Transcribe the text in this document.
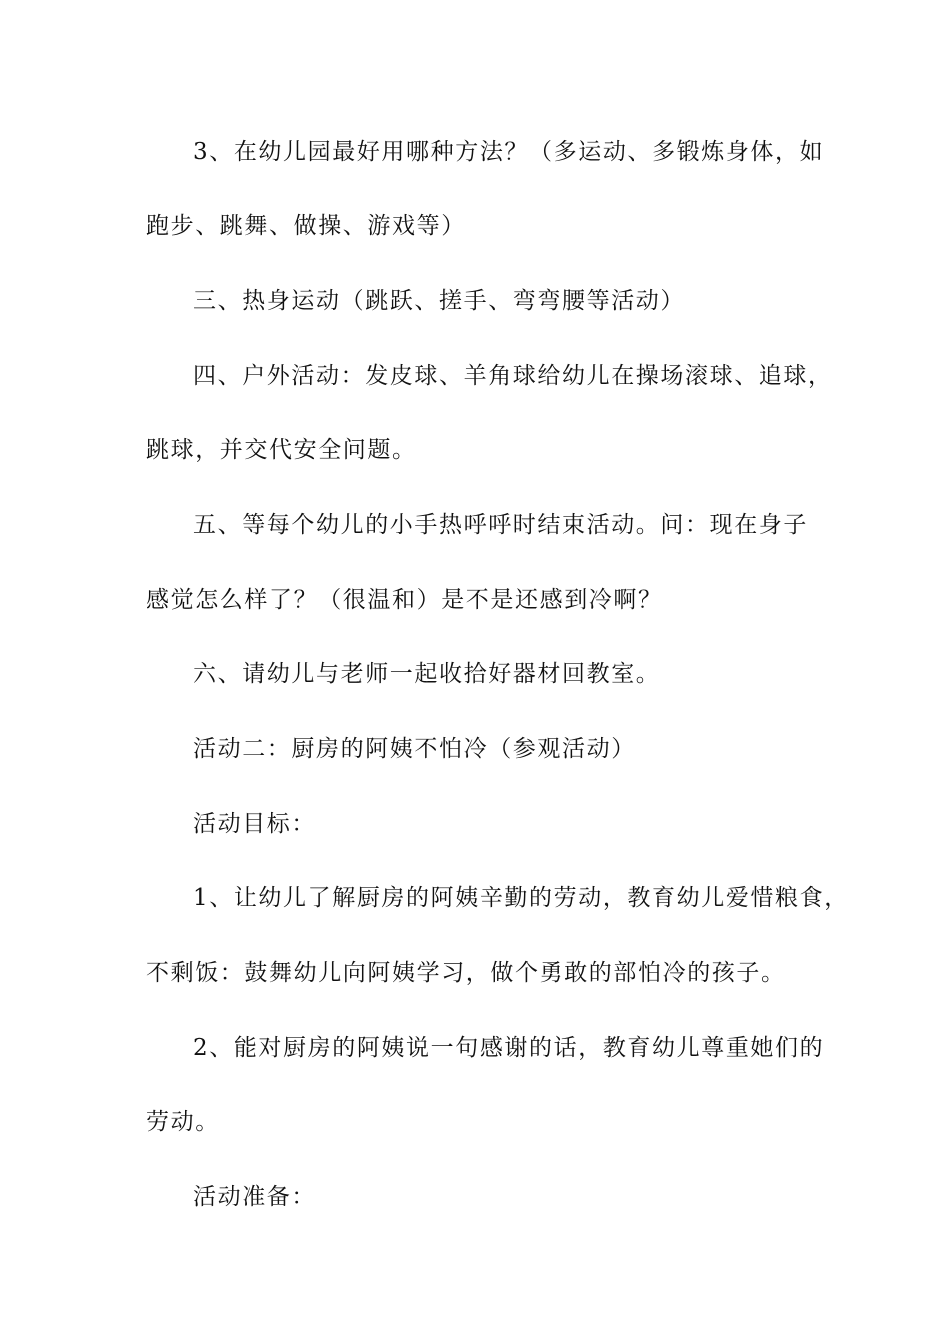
3、在幼儿园最好用哪种方法？（多运动、多锻炼身体，如
跑步、跳舞、做操、游戏等）
三、热身运动（跳跃、搓手、弯弯腰等活动）
四、户外活动：发皮球、羊角球给幼儿在操场滚球、追球，
跳球，并交代安全问题。
五、等每个幼儿的小手热呼呼时结束活动。问：现在身子
感觉怎么样了？（很温和）是不是还感到冷啊？
六、请幼儿与老师一起收拾好器材回教室。
活动二：厨房的阿姨不怕冷（参观活动）
活动目标：
1、让幼儿了解厨房的阿姨辛勤的劳动，教育幼儿爱惜粮食，
不剩饭：鼓舞幼儿向阿姨学习，做个勇敢的部怕冷的孩子。
2、能对厨房的阿姨说一句感谢的话，教育幼儿尊重她们的
劳动。
活动准备：
